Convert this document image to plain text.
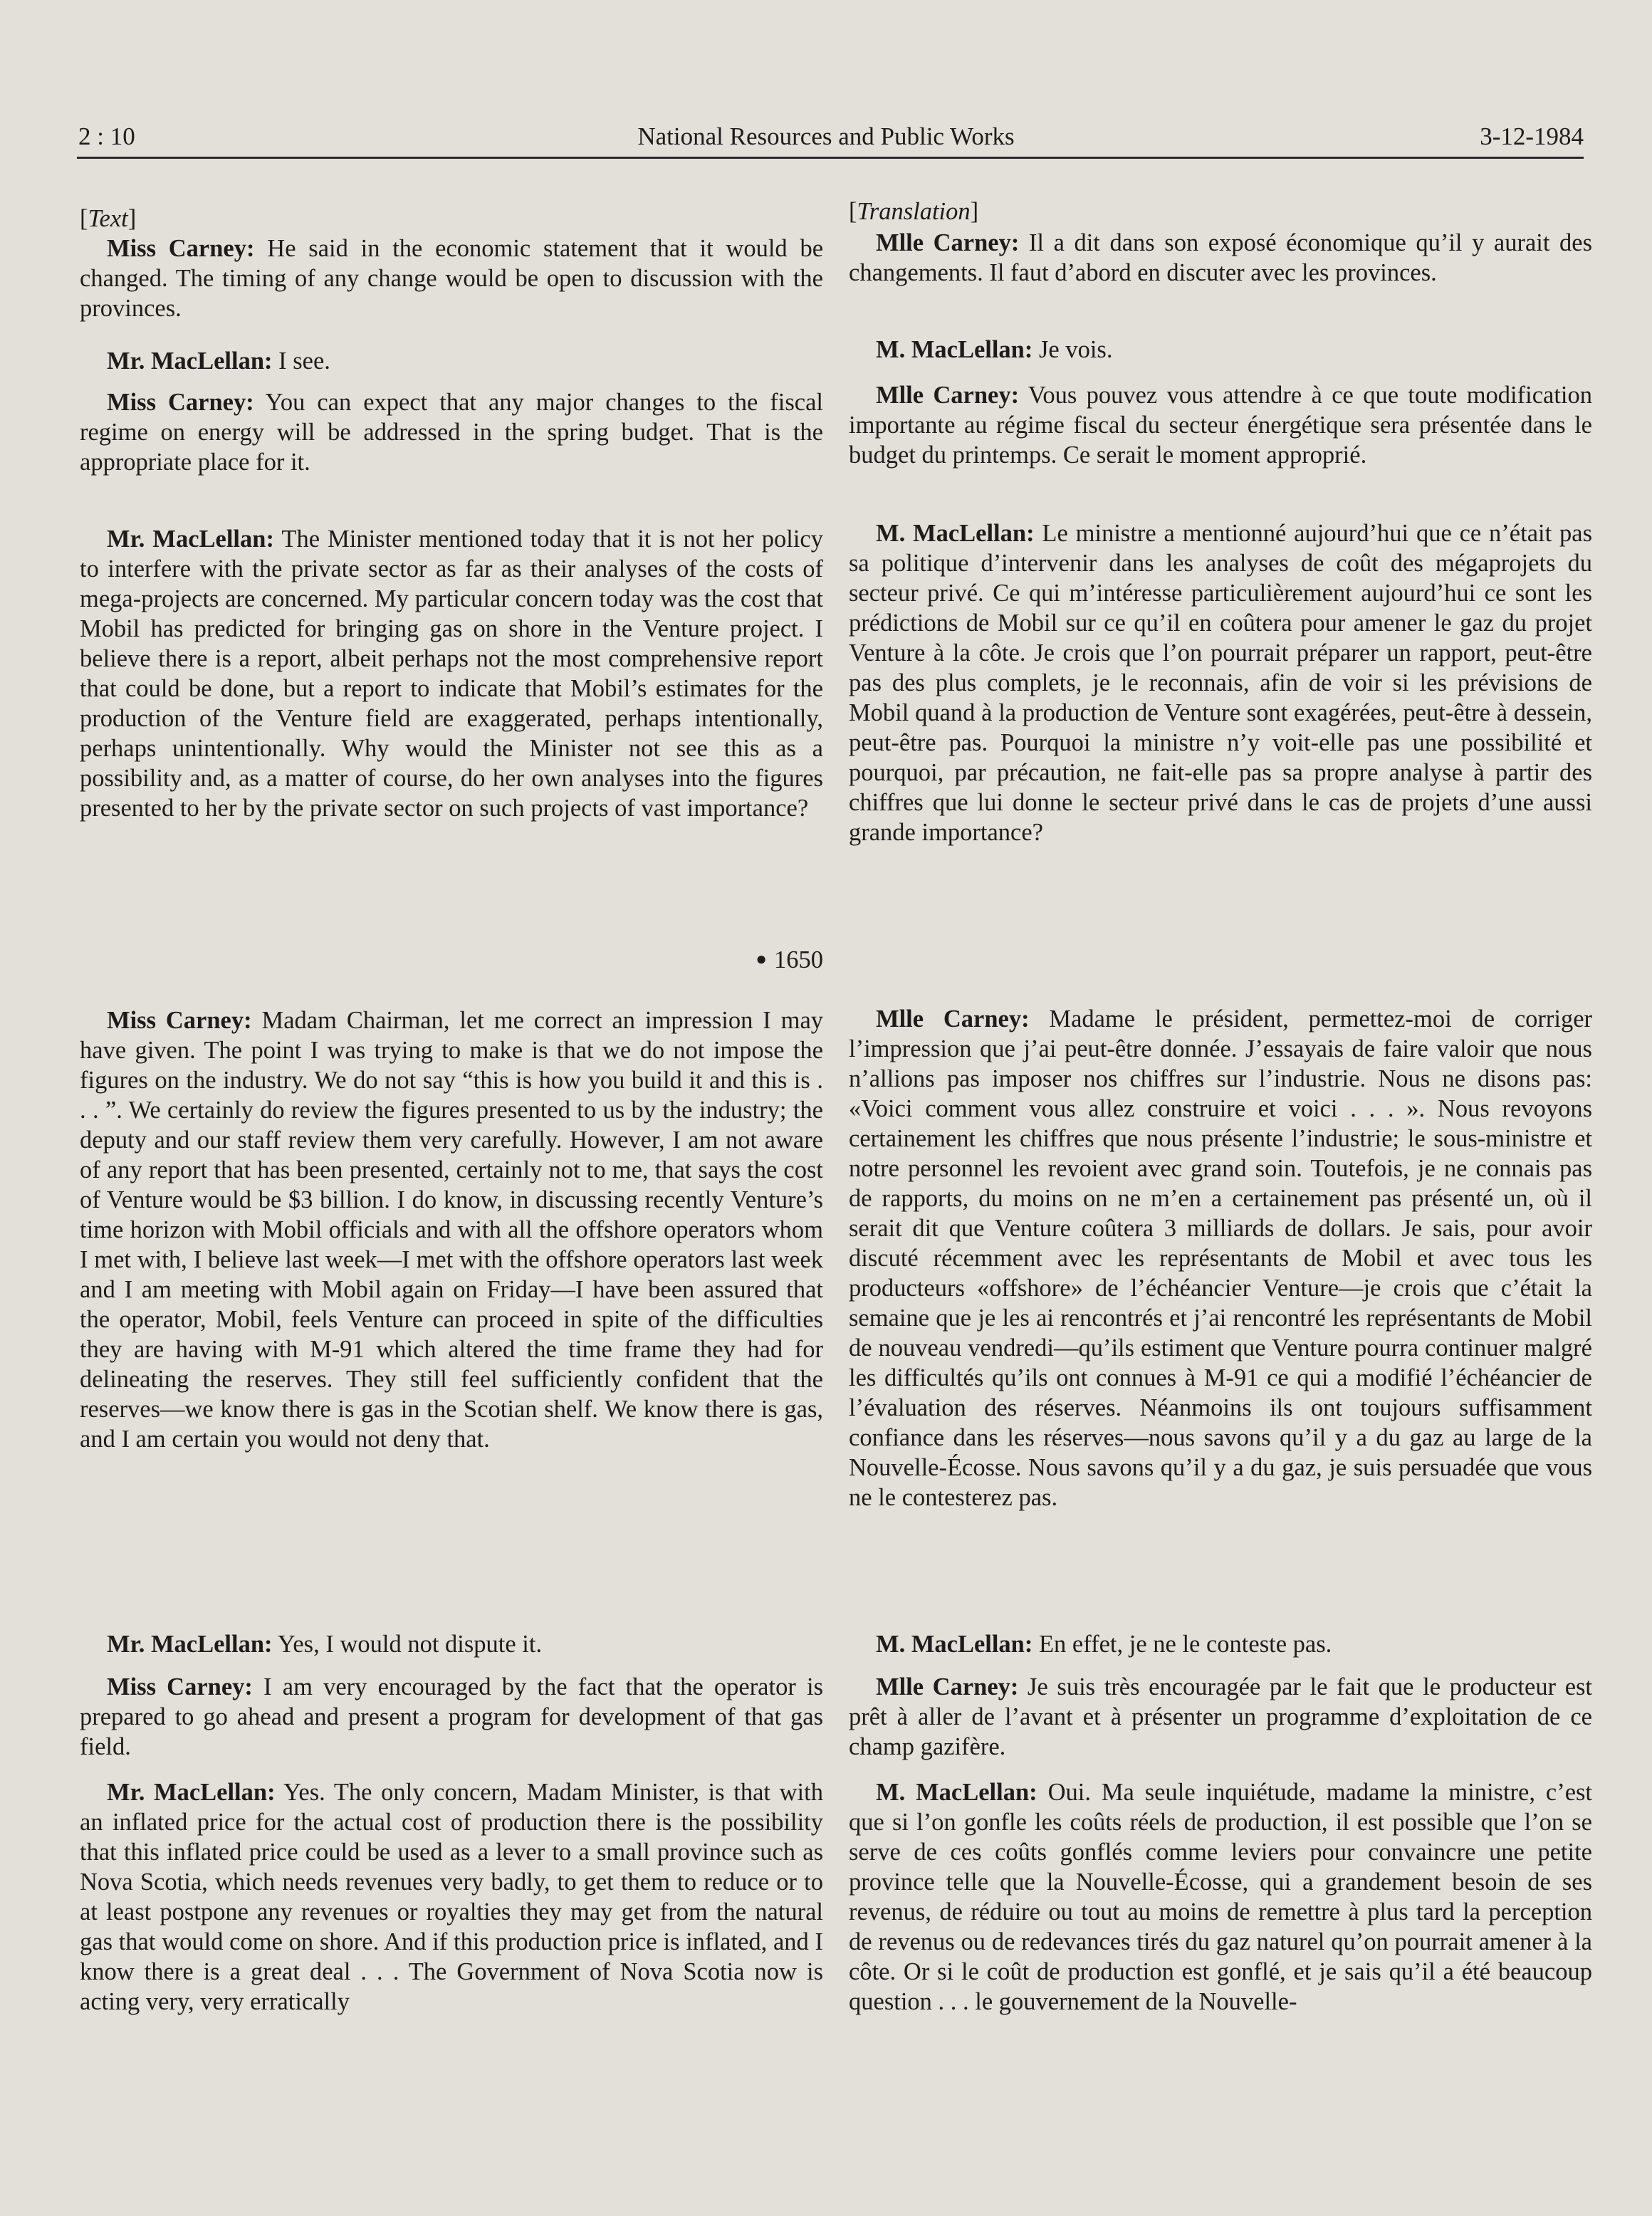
2 : 10	National Resources and Public Works	3-12-1984

[Text]

Miss Carney: He said in the economic statement that it would be changed. The timing of any change would be open to discussion with the provinces.

Mr. MacLellan: I see.

Miss Carney: You can expect that any major changes to the fiscal regime on energy will be addressed in the spring budget. That is the appropriate place for it.

Mr. MacLellan: The Minister mentioned today that it is not her policy to interfere with the private sector as far as their analyses of the costs of mega-projects are concerned. My particular concern today was the cost that Mobil has predicted for bringing gas on shore in the Venture project. I believe there is a report, albeit perhaps not the most comprehensive report that could be done, but a report to indicate that Mobil’s estimates for the production of the Venture field are exaggerated, perhaps intentionally, perhaps unintentionally. Why would the Minister not see this as a possibility and, as a matter of course, do her own analyses into the figures presented to her by the private sector on such projects of vast importance?

● 1650

Miss Carney: Madam Chairman, let me correct an impression I may have given. The point I was trying to make is that we do not impose the figures on the industry. We do not say “this is how you build it and this is . . . ”. We certainly do review the figures presented to us by the industry; the deputy and our staff review them very carefully. However, I am not aware of any report that has been presented, certainly not to me, that says the cost of Venture would be $3 billion. I do know, in discussing recently Venture’s time horizon with Mobil officials and with all the offshore operators whom I met with, I believe last week—I met with the offshore operators last week and I am meeting with Mobil again on Friday—I have been assured that the operator, Mobil, feels Venture can proceed in spite of the difficulties they are having with M-91 which altered the time frame they had for delineating the reserves. They still feel sufficiently confident that the reserves—we know there is gas in the Scotian shelf. We know there is gas, and I am certain you would not deny that.

Mr. MacLellan: Yes, I would not dispute it.

Miss Carney: I am very encouraged by the fact that the operator is prepared to go ahead and present a program for development of that gas field.

Mr. MacLellan: Yes. The only concern, Madam Minister, is that with an inflated price for the actual cost of production there is the possibility that this inflated price could be used as a lever to a small province such as Nova Scotia, which needs revenues very badly, to get them to reduce or to at least postpone any revenues or royalties they may get from the natural gas that would come on shore. And if this production price is inflated, and I know there is a great deal . . . The Government of Nova Scotia now is acting very, very erratically

[Translation]

Mlle Carney: Il a dit dans son exposé économique qu’il y aurait des changements. Il faut d’abord en discuter avec les provinces.

M. MacLellan: Je vois.

Mlle Carney: Vous pouvez vous attendre à ce que toute modification importante au régime fiscal du secteur énergétique sera présentée dans le budget du printemps. Ce serait le moment approprié.

M. MacLellan: Le ministre a mentionné aujourd’hui que ce n’était pas sa politique d’intervenir dans les analyses de coût des mégaprojets du secteur privé. Ce qui m’intéresse particulièrement aujourd’hui ce sont les prédictions de Mobil sur ce qu’il en coûtera pour amener le gaz du projet Venture à la côte. Je crois que l’on pourrait préparer un rapport, peut-être pas des plus complets, je le reconnais, afin de voir si les prévisions de Mobil quand à la production de Venture sont exagérées, peut-être à dessein, peut-être pas. Pourquoi la ministre n’y voit-elle pas une possibilité et pourquoi, par précaution, ne fait-elle pas sa propre analyse à partir des chiffres que lui donne le secteur privé dans le cas de projets d’une aussi grande importance?

Mlle Carney: Madame le président, permettez-moi de corriger l’impression que j’ai peut-être donnée. J’essayais de faire valoir que nous n’allions pas imposer nos chiffres sur l’industrie. Nous ne disons pas: «Voici comment vous allez construire et voici . . . ». Nous revoyons certainement les chiffres que nous présente l’industrie; le sous-ministre et notre personnel les revoient avec grand soin. Toutefois, je ne connais pas de rapports, du moins on ne m’en a certainement pas présenté un, où il serait dit que Venture coûtera 3 milliards de dollars. Je sais, pour avoir discuté récemment avec les représentants de Mobil et avec tous les producteurs «offshore» de l’échéancier Venture—je crois que c’était la semaine que je les ai rencontrés et j’ai rencontré les représentants de Mobil de nouveau vendredi—qu’ils estiment que Venture pourra continuer malgré les difficultés qu’ils ont connues à M-91 ce qui a modifié l’échéancier de l’évaluation des réserves. Néanmoins ils ont toujours suffisamment confiance dans les réserves—nous savons qu’il y a du gaz au large de la Nouvelle-Écosse. Nous savons qu’il y a du gaz, je suis persuadée que vous ne le contesterez pas.

M. MacLellan: En effet, je ne le conteste pas.

Mlle Carney: Je suis très encouragée par le fait que le producteur est prêt à aller de l’avant et à présenter un programme d’exploitation de ce champ gazifère.

M. MacLellan: Oui. Ma seule inquiétude, madame la ministre, c’est que si l’on gonfle les coûts réels de production, il est possible que l’on se serve de ces coûts gonflés comme leviers pour convaincre une petite province telle que la Nouvelle-Écosse, qui a grandement besoin de ses revenus, de réduire ou tout au moins de remettre à plus tard la perception de revenus ou de redevances tirés du gaz naturel qu’on pourrait amener à la côte. Or si le coût de production est gonflé, et je sais qu’il a été beaucoup question . . . le gouvernement de la Nouvelle-
